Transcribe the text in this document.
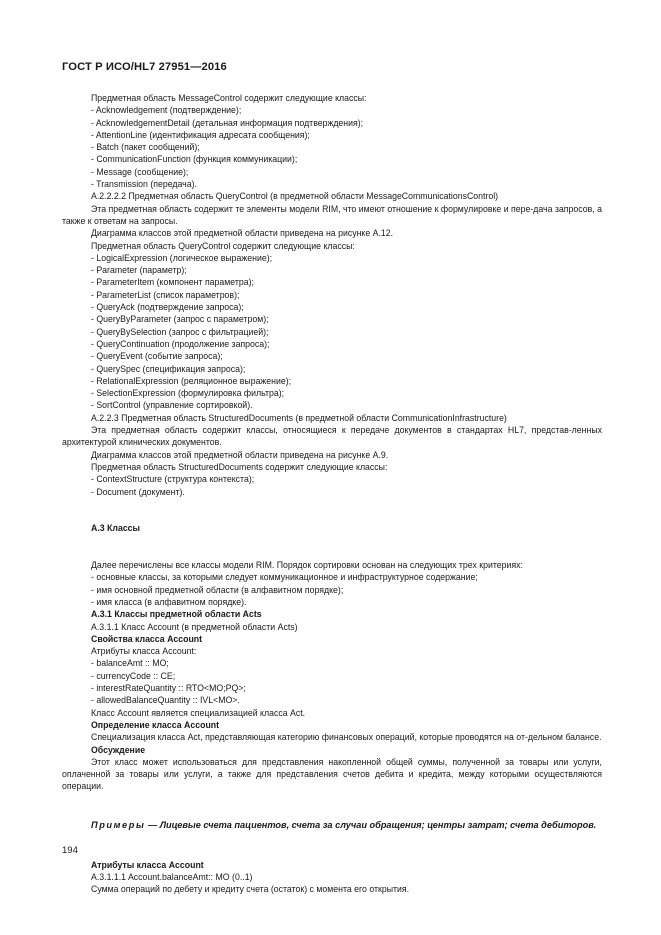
ГОСТ Р ИСО/HL7 27951—2016

Предметная область MessageControl содержит следующие классы:

- Acknowledgement (подтверждение);

- AcknowledgementDetail (детальная информация подтверждения);

- AttentionLine (идентификация адресата сообщения);

- Batch (пакет сообщений);

- CommunicationFunction (функция коммуникации);

- Message (сообщение);

- Transmission (передача).

A.2.2.2.2 Предметная область QueryControl (в предметной области MessageCommunicationsControl)

Эта предметная область содержит те элементы модели RIM, что имеют отношение к формулировке и пере-дача запросов, а также к ответам на запросы.

Диаграмма классов этой предметной области приведена на рисунке A.12.

Предметная область QueryControl содержит следующие классы:

- LogicalExpression (логическое выражение);

- Parameter (параметр);

- ParameterItem (компонент параметра);

- ParameterList (список параметров);

- QueryAck (подтверждение запроса);

- QueryByParameter (запрос с параметром);

- QueryBySelection (запрос с фильтрацией);

- QueryContinuation (продолжение запроса);

- QueryEvent (событие запроса);

- QuerySpec (спецификация запроса);

- RelationalExpression (реляционное выражение);

- SelectionExpression (формулировка фильтра);

- SortControl (управление сортировкой).

A.2.2.3 Предметная область StructuredDocuments (в предметной области CommunicationInfrastructure)

Эта предметная область содержит классы, относящиеся к передаче документов в стандартах HL7, представ-ленных архитектурой клинических документов.

Диаграмма классов этой предметной области приведена на рисунке A.9.

Предметная область StructuredDocuments содержит следующие классы:

- ContextStructure (структура контекста);

- Document (документ).

A.3 Классы

Далее перечислены все классы модели RIM. Порядок сортировки основан на следующих трех критериях:

- основные классы, за которыми следует коммуникационное и инфраструктурное содержание;

- имя основной предметной области (в алфавитном порядке);

- имя класса (в алфавитном порядке).

A.3.1 Классы предметной области Acts

A.3.1.1 Класс Account (в предметной области Acts)

Свойства класса Account

Атрибуты класса Account:

- balanceAmt :: MO;

- currencyCode :: CE;

- interestRateQuantity :: RTO<MO;PQ>;

- allowedBalanceQuantity :: IVL<MO>.

Класс Account является специализацией класса Act.

Определение класса Account

Специализация класса Act, представляющая категорию финансовых операций, которые проводятся на от-дельном балансе.

Обсуждение

Этот класс может использоваться для представления накопленной общей суммы, полученной за товары или услуги, оплаченной за товары или услуги, а также для представления счетов дебита и кредита, между которыми осуществляются операции.

Примеры — Лицевые счета пациентов, счета за случаи обращения; центры затрат; счета дебиторов.

Атрибуты класса Account

A.3.1.1.1 Account.balanceAmt:: MO (0..1)

Сумма операций по дебету и кредиту счета (остаток) с момента его открытия.

194
